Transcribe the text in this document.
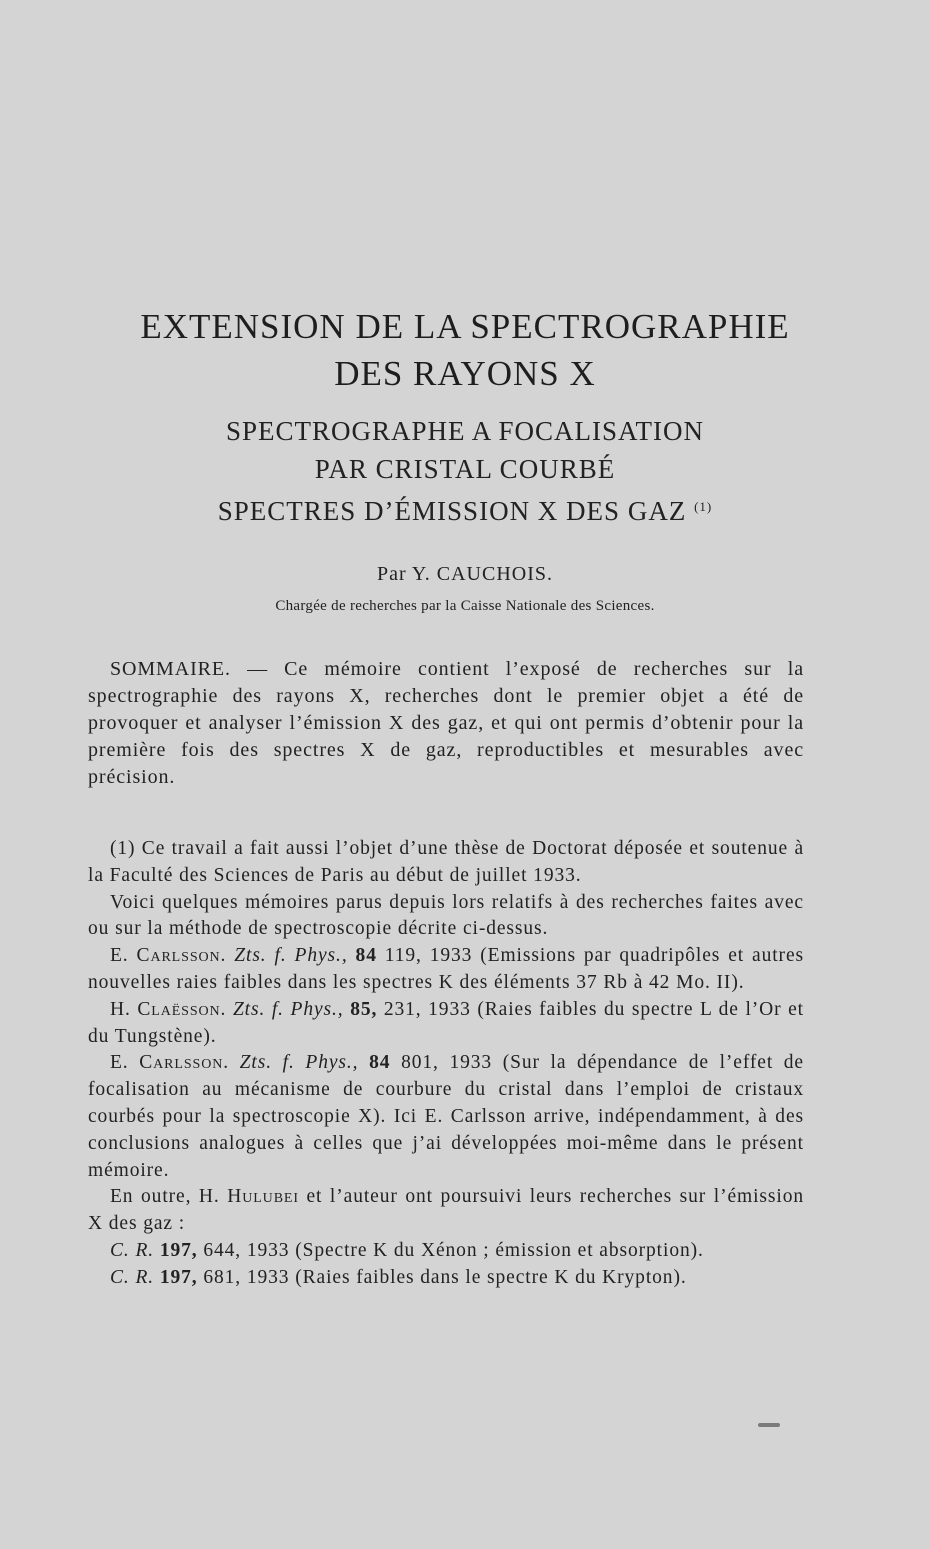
EXTENSION DE LA SPECTROGRAPHIE
DES RAYONS X
SPECTROGRAPHE A FOCALISATION
PAR CRISTAL COURBÉ
SPECTRES D’ÉMISSION X DES GAZ $^{(1)}$
Par Y. CAUCHOIS.
Chargée de recherches par la Caisse Nationale des Sciences.

SOMMAIRE. — Ce mémoire contient l’exposé de recherches sur la spectrographie des rayons X, recherches dont le premier objet a été de provoquer et analyser l’émission X des gaz, et qui ont permis d’obtenir pour la première fois des spectres X de gaz, reproductibles et mesurables avec précision.

(1) Ce travail a fait aussi l’objet d’une thèse de Doctorat déposée et soutenue à la Faculté des Sciences de Paris au début de juillet 1933.

Voici quelques mémoires parus depuis lors relatifs à des recherches faites avec ou sur la méthode de spectroscopie décrite ci-dessus.

E. Carlsson. Zts. f. Phys., 84 119, 1933 (Emissions par quadripôles et autres nouvelles raies faibles dans les spectres K des éléments 37 Rb à 42 Mo. II).

H. Claësson. Zts. f. Phys., 85, 231, 1933 (Raies faibles du spectre L de l’Or et du Tungstène).

E. Carlsson. Zts. f. Phys., 84 801, 1933 (Sur la dépendance de l’effet de focalisation au mécanisme de courbure du cristal dans l’emploi de cristaux courbés pour la spectroscopie X). Ici E. Carlsson arrive, indépendamment, à des conclusions analogues à celles que j’ai développées moi-même dans le présent mémoire.

En outre, H. Hulubei et l’auteur ont poursuivi leurs recherches sur l’émission X des gaz :

C. R. 197, 644, 1933 (Spectre K du Xénon ; émission et absorption).

C. R. 197, 681, 1933 (Raies faibles dans le spectre K du Krypton).
